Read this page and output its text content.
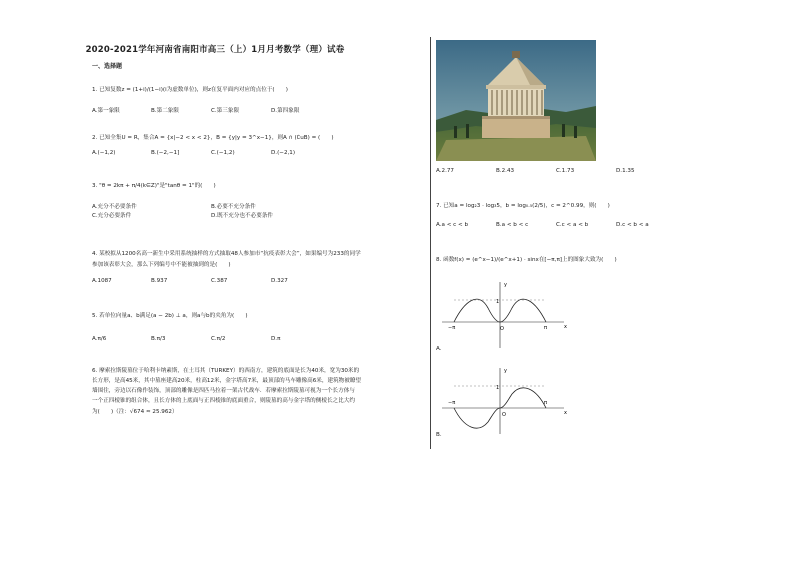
2020-2021学年河南省南阳市高三（上）1月月考数学（理）试卷
一、选择题
1. 已知复数z = (1+i)/(1−i)(i为虚数单位)，则z在复平面内对应的点位于(　　)
A.第一象限	B.第二象限	C.第三象限	D.第四象限
2. 已知全集U = R，集合A = {x|−2 < x < 2}，B = {y|y = 3^x−1}，则A ∩ (∁uB) = (　　)
A.(−1,2)	B.(−2,−1]	C.(−1,2)	D.(−2,1)
3. "θ = 2kπ + π/4(k∈Z)"是"tanθ = 1"的(　　)
A.充分不必要条件	B.必要不充分条件
C.充分必要条件	D.既不充分也不必要条件
4. 某校拟从1200名高一新生中采用系统抽样的方式抽取48人参加市“抗疫表彰大会”，如果编号为233的同学
参加该表彰大会，那么下列编号中不能被抽到的是(　　)
A.1087	B.937	C.387	D.327
5. 若单位向量a、b满足(a − 2b) ⊥ a，则a与b的夹角为(　　)
A.π/6	B.π/3	C.π/2	D.π
6. 摩索拉斯陵墓位于哈利卡纳素斯，在土耳其（TURKEY）的西南方，建筑的底面是长为40米，宽为30米的
长方形，是高45米，其中墓座建高20米，柱高12米，金字塔高7米，最顶部的马车雕像高6米，建筑物被瞭望
墙围住，旁边以石像作装饰，顶部的雕像是四匹马拉着一架古代战车．若摩索拉斯陵墓可视为一个长方体与
一个正四棱锥的组合体，且长方体的上底面与正四棱锥的底面重合，则陵墓的高与金字塔的侧棱长之比大约
为(　　)（注：√674 ≈ 25.962）
A.2.77	B.2.43	C.1.73	D.1.35
7. 已知a = log₂3 · log₃5，b = log₀.₅(2/5)，c = 2^0.99，则(　　)
A.a < c < b	B.a < b < c	C.c < a < b	D.c < b < a
8. 函数f(x) = (e^x−1)/(e^x+1) · sinx在[−π,π]上的图象大致为(　　)
y
x
1
O
−π	π
A.
y
x
1
O
−π	π
B.
